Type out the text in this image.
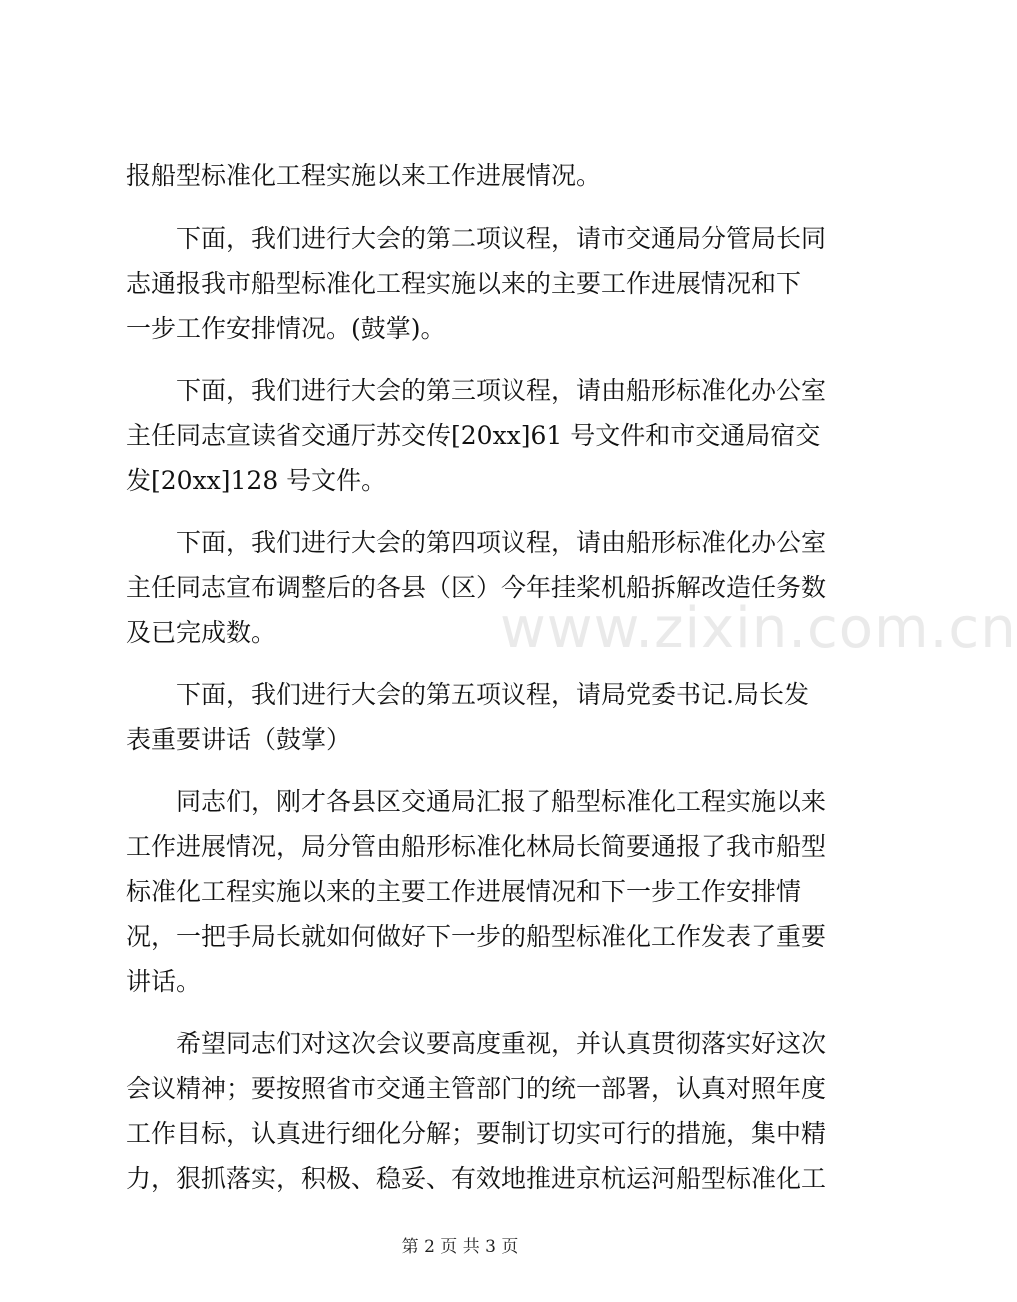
报船型标准化工程实施以来工作进展情况。
下面，我们进行大会的第二项议程，请市交通局分管局长同
志通报我市船型标准化工程实施以来的主要工作进展情况和下
一步工作安排情况。(鼓掌)。
下面，我们进行大会的第三项议程，请由船形标准化办公室
主任同志宣读省交通厅苏交传[20xx]61 号文件和市交通局宿交
发[20xx]128 号文件。
下面，我们进行大会的第四项议程，请由船形标准化办公室
主任同志宣布调整后的各县（区）今年挂桨机船拆解改造任务数
及已完成数。
下面，我们进行大会的第五项议程，请局党委书记.局长发
表重要讲话（鼓掌）
同志们，刚才各县区交通局汇报了船型标准化工程实施以来
工作进展情况，局分管由船形标准化林局长简要通报了我市船型
标准化工程实施以来的主要工作进展情况和下一步工作安排情
况，一把手局长就如何做好下一步的船型标准化工作发表了重要
讲话。
希望同志们对这次会议要高度重视，并认真贯彻落实好这次
会议精神；要按照省市交通主管部门的统一部署，认真对照年度
工作目标，认真进行细化分解；要制订切实可行的措施，集中精
力，狠抓落实，积极、稳妥、有效地推进京杭运河船型标准化工
www.zixin.com.cn
第 2 页 共 3 页
